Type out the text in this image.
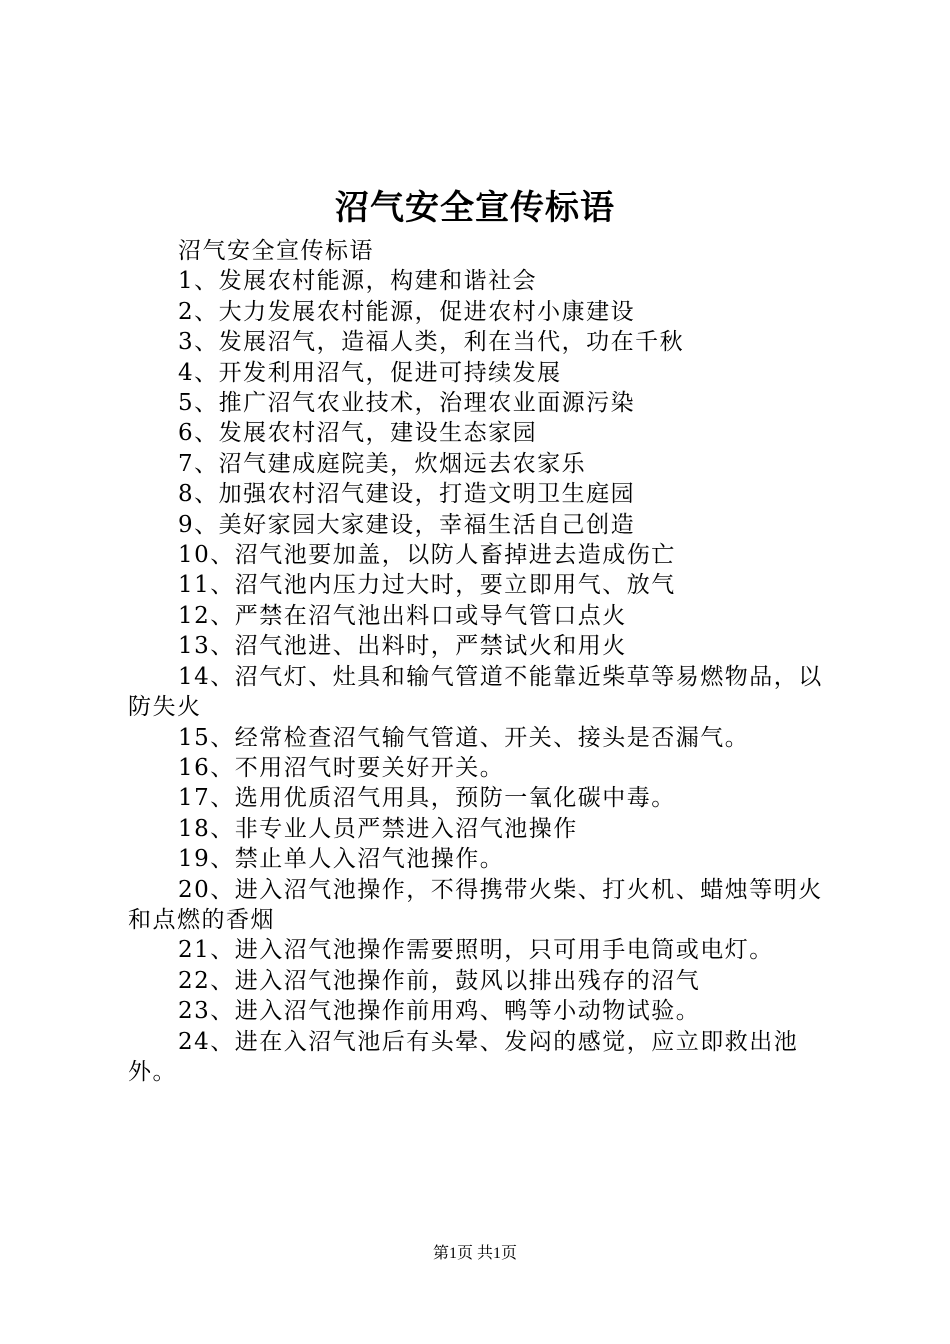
沼气安全宣传标语

沼气安全宣传标语

1、发展农村能源，构建和谐社会

2、大力发展农村能源，促进农村小康建设

3、发展沼气，造福人类，利在当代，功在千秋

4、开发利用沼气，促进可持续发展

5、推广沼气农业技术，治理农业面源污染

6、发展农村沼气，建设生态家园

7、沼气建成庭院美，炊烟远去农家乐

8、加强农村沼气建设，打造文明卫生庭园

9、美好家园大家建设，幸福生活自己创造

10、沼气池要加盖，以防人畜掉进去造成伤亡

11、沼气池内压力过大时，要立即用气、放气

12、严禁在沼气池出料口或导气管口点火

13、沼气池进、出料时，严禁试火和用火

14、沼气灯、灶具和输气管道不能靠近柴草等易燃物品，以防失火

15、经常检查沼气输气管道、开关、接头是否漏气。

16、不用沼气时要关好开关。

17、选用优质沼气用具，预防一氧化碳中毒。

18、非专业人员严禁进入沼气池操作

19、禁止单人入沼气池操作。

20、进入沼气池操作，不得携带火柴、打火机、蜡烛等明火和点燃的香烟

21、进入沼气池操作需要照明，只可用手电筒或电灯。

22、进入沼气池操作前，鼓风以排出残存的沼气

23、进入沼气池操作前用鸡、鸭等小动物试验。

24、进在入沼气池后有头晕、发闷的感觉，应立即救出池外。

第1页 共1页
